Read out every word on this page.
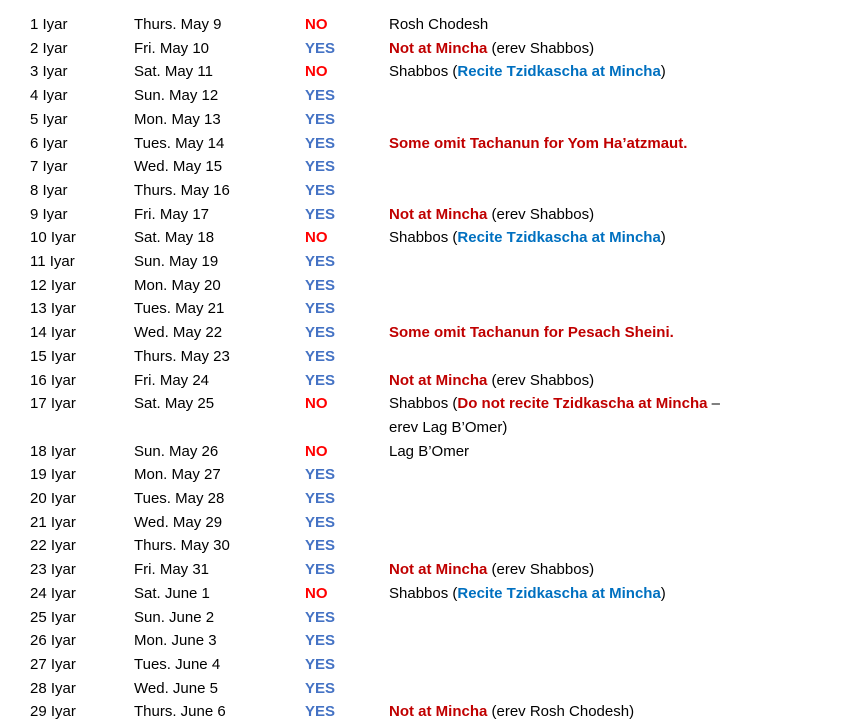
1 Iyar	Thurs. May 9	NO	Rosh Chodesh
2 Iyar	Fri. May 10	YES	Not at Mincha (erev Shabbos)
3 Iyar	Sat. May 11	NO	Shabbos (Recite Tzidkascha at Mincha)
4 Iyar	Sun. May 12	YES
5 Iyar	Mon. May 13	YES
6 Iyar	Tues. May 14	YES	Some omit Tachanun for Yom Ha’atzmaut.
7 Iyar	Wed. May 15	YES
8 Iyar	Thurs. May 16	YES
9 Iyar	Fri. May 17	YES	Not at Mincha (erev Shabbos)
10 Iyar	Sat. May 18	NO	Shabbos (Recite Tzidkascha at Mincha)
11 Iyar	Sun. May 19	YES
12 Iyar	Mon. May 20	YES
13 Iyar	Tues. May 21	YES
14 Iyar	Wed. May 22	YES	Some omit Tachanun for Pesach Sheini.
15 Iyar	Thurs. May 23	YES
16 Iyar	Fri. May 24	YES	Not at Mincha (erev Shabbos)
17 Iyar	Sat. May 25	NO	Shabbos (Do not recite Tzidkascha at Mincha – erev Lag B’Omer)
18 Iyar	Sun. May 26	NO	Lag B’Omer
19 Iyar	Mon. May 27	YES
20 Iyar	Tues. May 28	YES
21 Iyar	Wed. May 29	YES
22 Iyar	Thurs. May 30	YES
23 Iyar	Fri. May 31	YES	Not at Mincha (erev Shabbos)
24 Iyar	Sat. June 1	NO	Shabbos (Recite Tzidkascha at Mincha)
25 Iyar	Sun. June 2	YES
26 Iyar	Mon. June 3	YES
27 Iyar	Tues. June 4	YES
28 Iyar	Wed. June 5	YES
29 Iyar	Thurs. June 6	YES	Not at Mincha (erev Rosh Chodesh)
